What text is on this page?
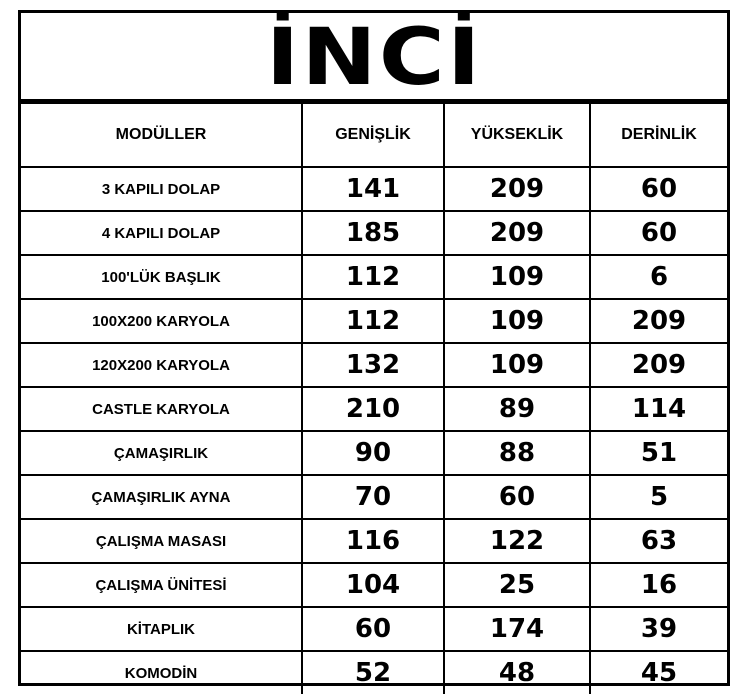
İNCİ
MODÜLLER	GENİŞLİK	YÜKSEKLİK	DERİNLİK
3 KAPILI DOLAP	141	209	60
4 KAPILI DOLAP	185	209	60
100'LÜK BAŞLIK	112	109	6
100X200 KARYOLA	112	109	209
120X200 KARYOLA	132	109	209
CASTLE KARYOLA	210	89	114
ÇAMAŞIRLIK	90	88	51
ÇAMAŞIRLIK AYNA	70	60	5
ÇALIŞMA MASASI	116	122	63
ÇALIŞMA ÜNİTESİ	104	25	16
KİTAPLIK	60	174	39
KOMODİN	52	48	45
